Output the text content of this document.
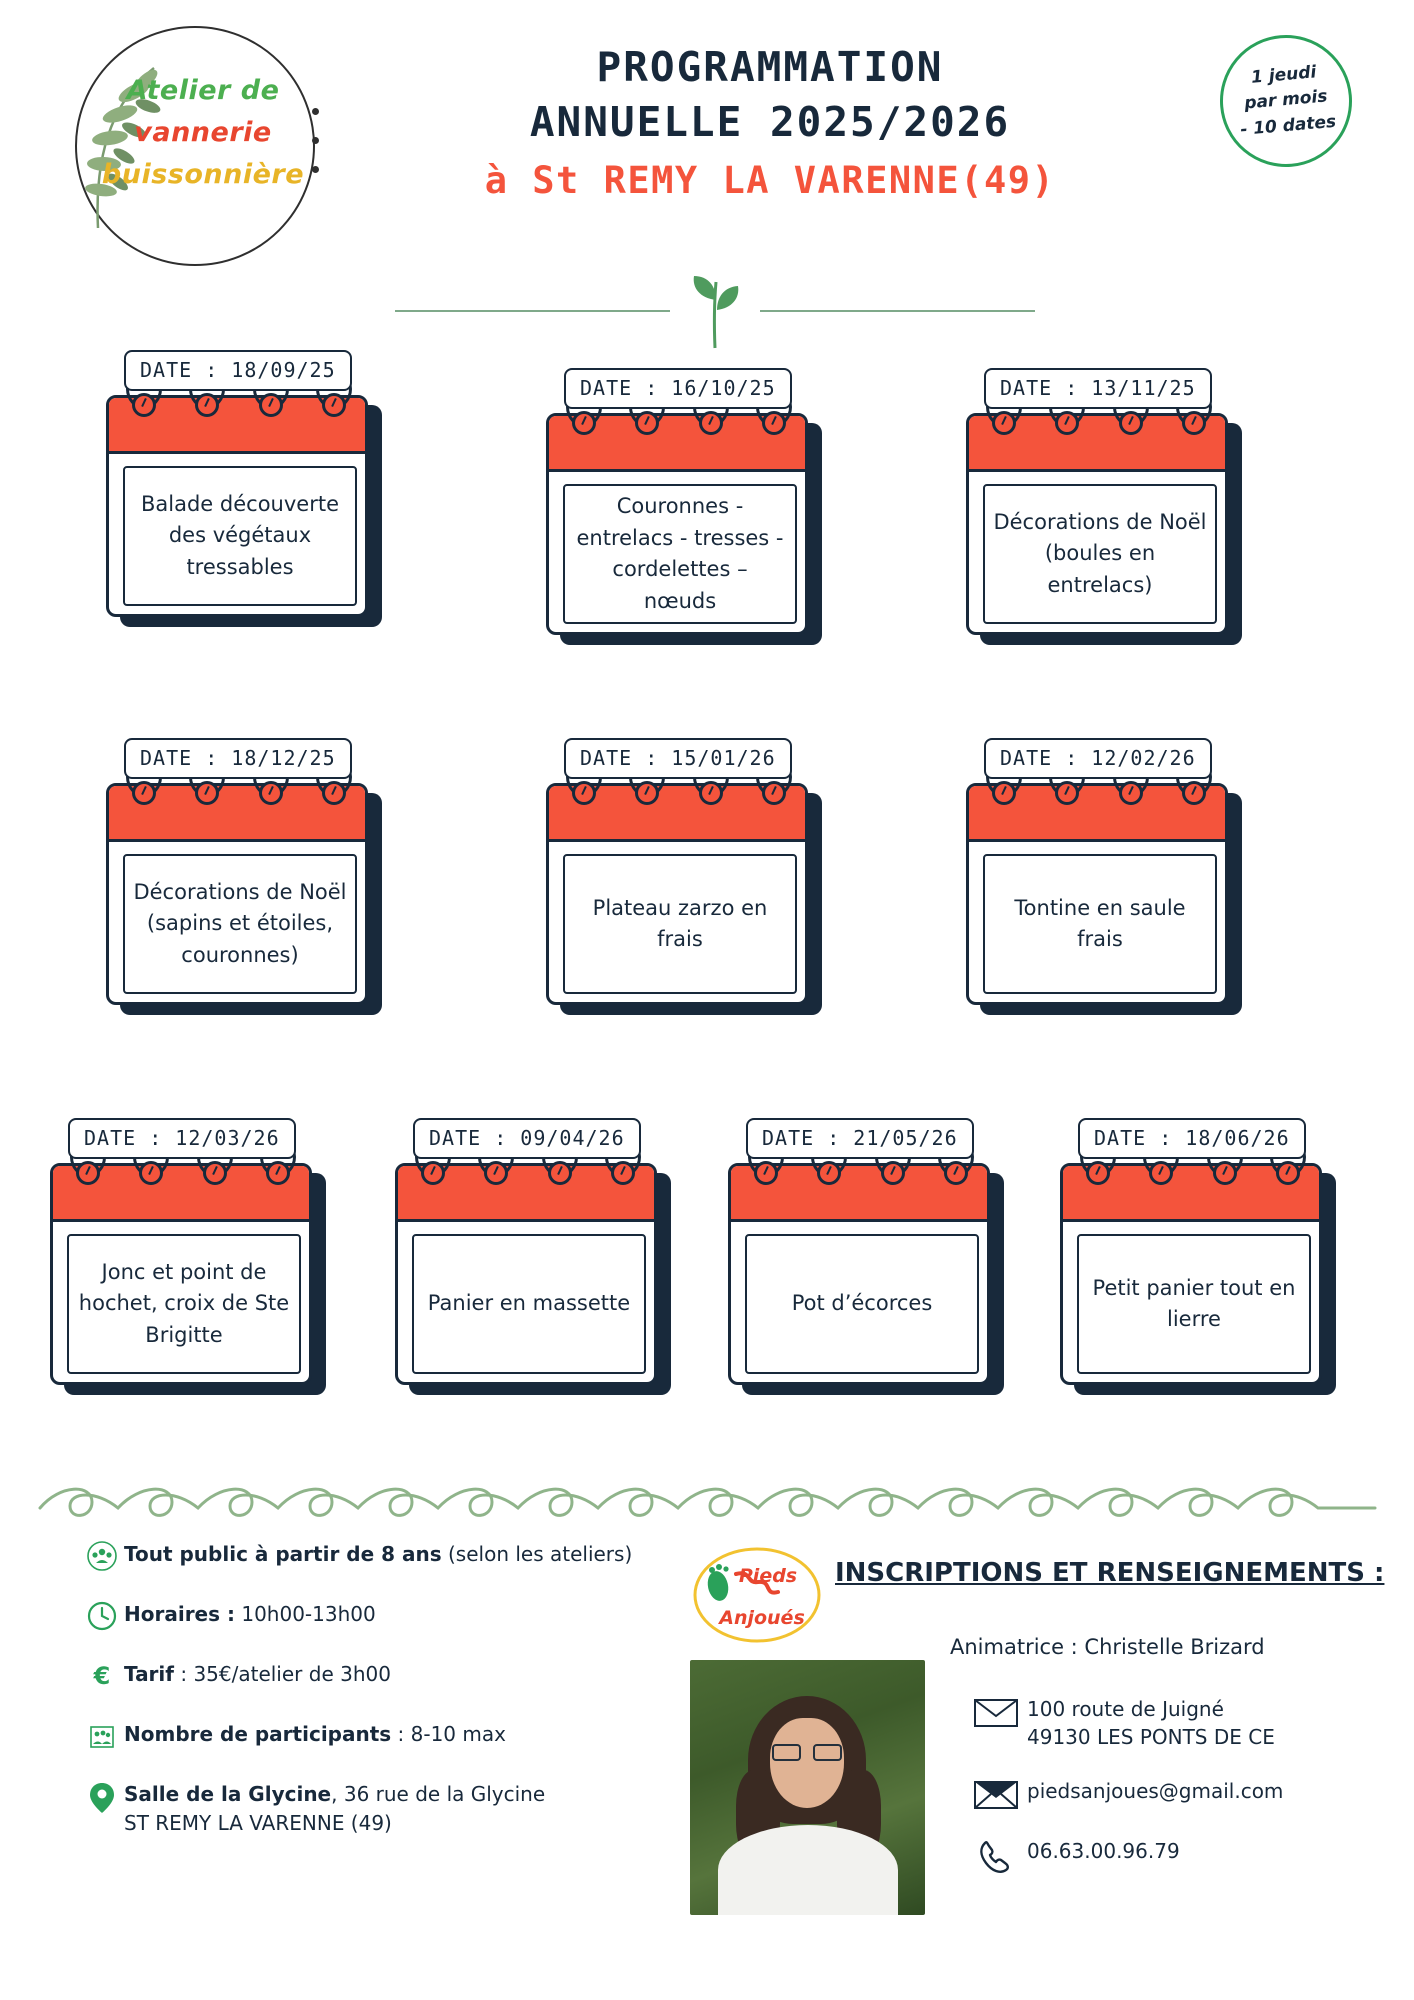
Atelier de
vannerie
buissonnière
PROGRAMMATION
ANNUELLE 2025/2026
à St REMY LA VARENNE(49)
1 jeudi
par mois
- 10 dates
DATE : 18/09/25
Balade découverte des végétaux tressables
DATE : 16/10/25
Couronnes - entrelacs - tresses - cordelettes – nœuds
DATE : 13/11/25
Décorations de Noël (boules en entrelacs)
DATE : 18/12/25
Décorations de Noël (sapins et étoiles, couronnes)
DATE : 15/01/26
Plateau zarzo en frais
DATE : 12/02/26
Tontine en saule frais
DATE : 12/03/26
Jonc et point de hochet, croix de Ste Brigitte
DATE : 09/04/26
Panier en massette
DATE : 21/05/26
Pot d’écorces
DATE : 18/06/26
Petit panier tout en lierre
Tout public à partir de 8 ans (selon les ateliers)
Horaires : 10h00-13h00
€ Tarif : 35€/atelier de 3h00
Nombre de participants : 8-10 max
Salle de la Glycine, 36 rue de la Glycine
ST REMY LA VARENNE (49)
Pieds
Anjoués
INSCRIPTIONS ET RENSEIGNEMENTS :
Animatrice : Christelle Brizard
100 route de Juigné
49130 LES PONTS DE CE
piedsanjoues@gmail.com
06.63.00.96.79
